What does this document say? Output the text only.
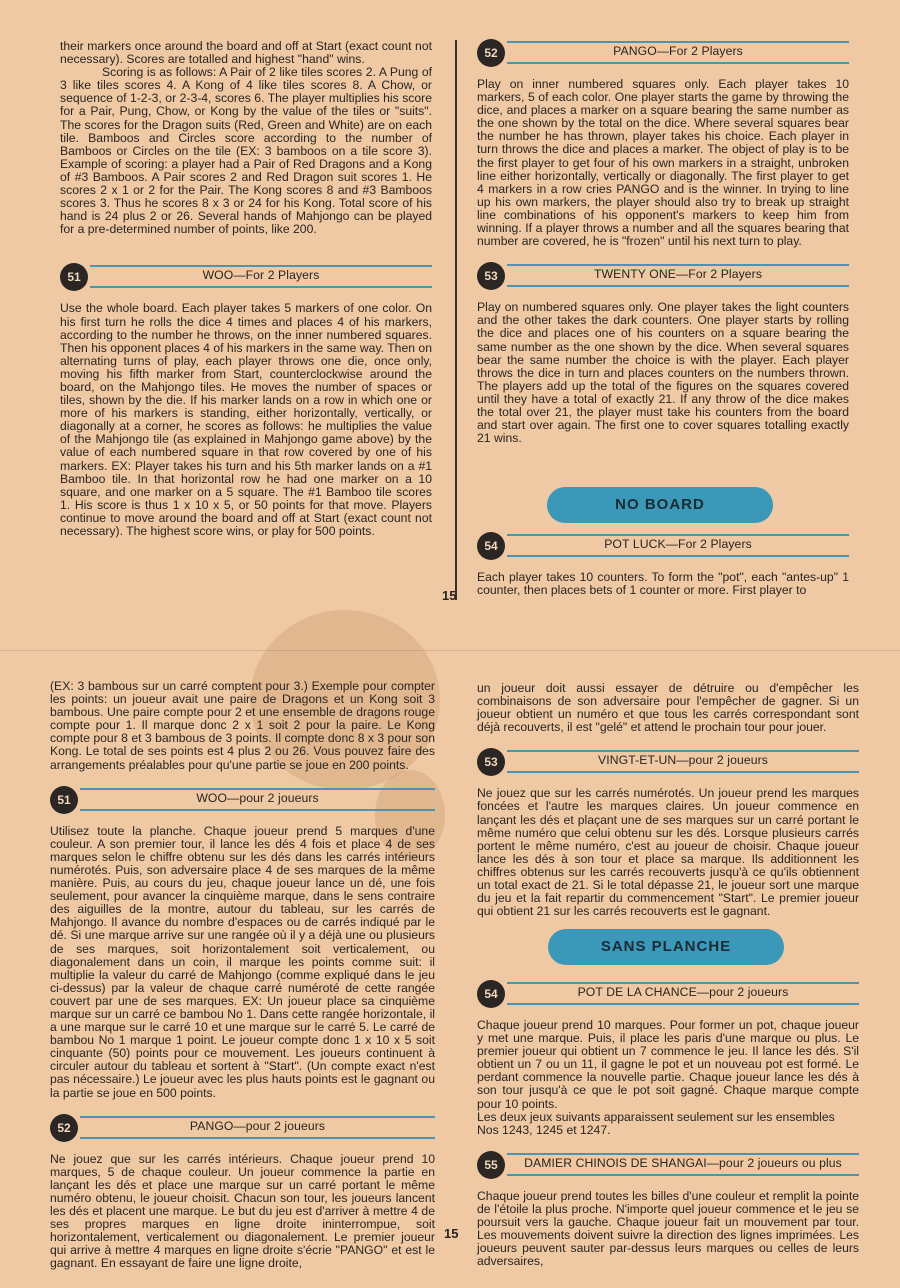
their markers once around the board and off at Start (exact count not necessary). Scores are totalled and highest "hand" wins.

Scoring is as follows: A Pair of 2 like tiles scores 2. A Pung of 3 like tiles scores 4. A Kong of 4 like tiles scores 8. A Chow, or sequence of 1-2-3, or 2-3-4, scores 6. The player multiplies his score for a Pair, Pung, Chow, or Kong by the value of the tiles or "suits". The scores for the Dragon suits (Red, Green and White) are on each tile. Bamboos and Circles score according to the number of Bamboos or Circles on the tile (EX: 3 bamboos on a tile score 3). Example of scoring: a player had a Pair of Red Dragons and a Kong of #3 Bamboos. A Pair scores 2 and Red Dragon suit scores 1. He scores 2 x 1 or 2 for the Pair. The Kong scores 8 and #3 Bamboos scores 3. Thus he scores 8 x 3 or 24 for his Kong. Total score of his hand is 24 plus 2 or 26. Several hands of Mahjongo can be played for a pre-determined number of points, like 200.

51	WOO—For 2 Players

Use the whole board. Each player takes 5 markers of one color. On his first turn he rolls the dice 4 times and places 4 of his markers, according to the number he throws, on the inner numbered squares. Then his opponent places 4 of his markers in the same way. Then on alternating turns of play, each player throws one die, once only, moving his fifth marker from Start, counterclockwise around the board, on the Mahjongo tiles. He moves the number of spaces or tiles, shown by the die. If his marker lands on a row in which one or more of his markers is standing, either horizontally, vertically, or diagonally at a corner, he scores as follows: he multiplies the value of the Mahjongo tile (as explained in Mahjongo game above) by the value of each numbered square in that row covered by one of his markers. EX: Player takes his turn and his 5th marker lands on a #1 Bamboo tile. In that horizontal row he had one marker on a 10 square, and one marker on a 5 square. The #1 Bamboo tile scores 1. His score is thus 1 x 10 x 5, or 50 points for that move. Players continue to move around the board and off at Start (exact count not necessary). The highest score wins, or play for 500 points.

15
52	PANGO—For 2 Players

Play on inner numbered squares only. Each player takes 10 markers, 5 of each color. One player starts the game by throwing the dice, and places a marker on a square bearing the same number as the one shown by the total on the dice. Where several squares bear the number he has thrown, player takes his choice. Each player in turn throws the dice and places a marker. The object of play is to be the first player to get four of his own markers in a straight, unbroken line either horizontally, vertically or diagonally. The first player to get 4 markers in a row cries PANGO and is the winner. In trying to line up his own markers, the player should also try to break up straight line combinations of his opponent's markers to keep him from winning. If a player throws a number and all the squares bearing that number are covered, he is "frozen" until his next turn to play.

53	TWENTY ONE—For 2 Players

Play on numbered squares only. One player takes the light counters and the other takes the dark counters. One player starts by rolling the dice and places one of his counters on a square bearing the same number as the one shown by the dice. When several squares bear the same number the choice is with the player. Each player throws the dice in turn and places counters on the numbers thrown. The players add up the total of the figures on the squares covered until they have a total of exactly 21. If any throw of the dice makes the total over 21, the player must take his counters from the board and start over again. The first one to cover squares totalling exactly 21 wins.

NO BOARD
54	POT LUCK—For 2 Players

Each player takes 10 counters. To form the "pot", each "antes-up" 1 counter, then places bets of 1 counter or more. First player to

(EX: 3 bambous sur un carré comptent pour 3.) Exemple pour compter les points: un joueur avait une paire de Dragons et un Kong soit 3 bambous. Une paire compte pour 2 et une ensemble de dragons rouge compte pour 1. Il marque donc 2 x 1 soit 2 pour la paire. Le Kong compte pour 8 et 3 bambous de 3 points. Il compte donc 8 x 3 pour son Kong. Le total de ses points est 4 plus 2 ou 26. Vous pouvez faire des arrangements préalables pour qu'une partie se joue en 200 points.

51	WOO—pour 2 joueurs

Utilisez toute la planche. Chaque joueur prend 5 marques d'une couleur. A son premier tour, il lance les dés 4 fois et place 4 de ses marques selon le chiffre obtenu sur les dés dans les carrés intérieurs numérotés. Puis, son adversaire place 4 de ses marques de la même manière. Puis, au cours du jeu, chaque joueur lance un dé, une fois seulement, pour avancer la cinquième marque, dans le sens contraire des aiguilles de la montre, autour du tableau, sur les carrés de Mahjongo. Il avance du nombre d'espaces ou de carrés indiqué par le dé. Si une marque arrive sur une rangée où il y a déjà une ou plusieurs de ses marques, soit horizontalement soit verticalement, ou diagonalement dans un coin, il marque les points comme suit: il multiplie la valeur du carré de Mahjongo (comme expliqué dans le jeu ci-dessus) par la valeur de chaque carré numéroté de cette rangée couvert par une de ses marques. EX: Un joueur place sa cinquième marque sur un carré ce bambou No 1. Dans cette rangée horizontale, il a une marque sur le carré 10 et une marque sur le carré 5. Le carré de bambou No 1 marque 1 point. Le joueur compte donc 1 x 10 x 5 soit cinquante (50) points pour ce mouvement. Les joueurs continuent à circuler autour du tableau et sortent à "Start". (Un compte exact n'est pas nécessaire.) Le joueur avec les plus hauts points est le gagnant ou la partie se joue en 500 points.

52	PANGO—pour 2 joueurs

Ne jouez que sur les carrés intérieurs. Chaque joueur prend 10 marques, 5 de chaque couleur. Un joueur commence la partie en lançant les dés et place une marque sur un carré portant le même numéro obtenu, le joueur choisit. Chacun son tour, les joueurs lancent les dés et placent une marque. Le but du jeu est d'arriver à mettre 4 de ses propres marques en ligne droite ininterrompue, soit horizontalement, verticalement ou diagonalement. Le premier joueur qui arrive à mettre 4 marques en ligne droite s'écrie "PANGO" et est le gagnant. En essayant de faire une ligne droite,

15

un joueur doit aussi essayer de détruire ou d'empêcher les combinaisons de son adversaire pour l'empêcher de gagner. Si un joueur obtient un numéro et que tous les carrés correspondant sont déjà recouverts, il est "gelé" et attend le prochain tour pour jouer.

53	VINGT-ET-UN—pour 2 joueurs

Ne jouez que sur les carrés numérotés. Un joueur prend les marques foncées et l'autre les marques claires. Un joueur commence en lançant les dés et plaçant une de ses marques sur un carré portant le même numéro que celui obtenu sur les dés. Lorsque plusieurs carrés portent le même numéro, c'est au joueur de choisir. Chaque joueur lance les dés à son tour et place sa marque. Ils additionnent les chiffres obtenus sur les carrés recouverts jusqu'à ce qu'ils obtiennent un total exact de 21. Si le total dépasse 21, le joueur sort une marque du jeu et la fait repartir du commencement "Start". Le premier joueur qui obtient 21 sur les carrés recouverts est le gagnant.

SANS PLANCHE
54	POT DE LA CHANCE—pour 2 joueurs

Chaque joueur prend 10 marques. Pour former un pot, chaque joueur y met une marque. Puis, il place les paris d'une marque ou plus. Le premier joueur qui obtient un 7 commence le jeu. Il lance les dés. S'il obtient un 7 ou un 11, il gagne le pot et un nouveau pot est formé. Le perdant commence la nouvelle partie. Chaque joueur lance les dés à son tour jusqu'à ce que le pot soit gagné. Chaque marque compte pour 10 points.

Les deux jeux suivants apparaissent seulement sur les ensembles Nos 1243, 1245 et 1247.

55	DAMIER CHINOIS DE SHANGAI—pour 2 joueurs ou plus

Chaque joueur prend toutes les billes d'une couleur et remplit la pointe de l'étoile la plus proche. N'importe quel joueur commence et le jeu se poursuit vers la gauche. Chaque joueur fait un mouvement par tour. Les mouvements doivent suivre la direction des lignes imprimées. Les joueurs peuvent sauter par-dessus leurs marques ou celles de leurs adversaires,
